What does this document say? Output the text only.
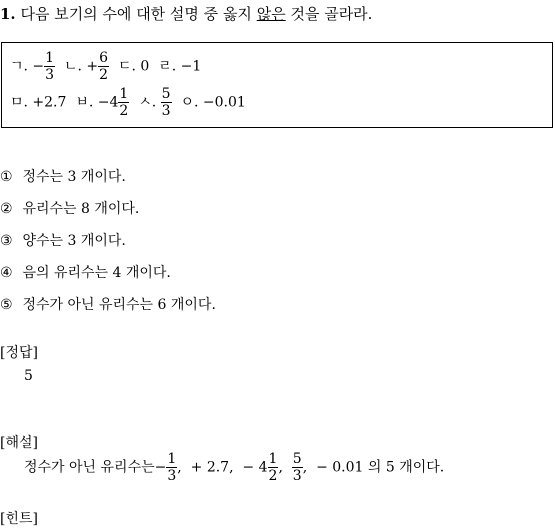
1. 다음 보기의 수에 대한 설명 중 옳지 않은 것을 골라라.
ㄱ. − $\frac{1}{3}$ ㄴ. + $\frac{6}{2}$ ㄷ. 0 ㄹ. −1
ㅁ. +2.7 ㅂ. $-4 \frac{1}{2}$ ㅅ. $\frac{5}{3}$ ㅇ. −0.01
① 정수는 3 개이다.
② 유리수는 8 개이다.
③ 양수는 3 개이다.
④ 음의 유리수는 4 개이다.
⑤ 정수가 아닌 유리수는 6 개이다.
[정답]
5
[해설]
정수가 아닌 유리수는− $\frac{1}{3}$ ,  + 2.7,  − $4 \frac{1}{2}$ , $\frac{5}{3}$ ,  − 0.01 의 5 개이다.
[힌트]
